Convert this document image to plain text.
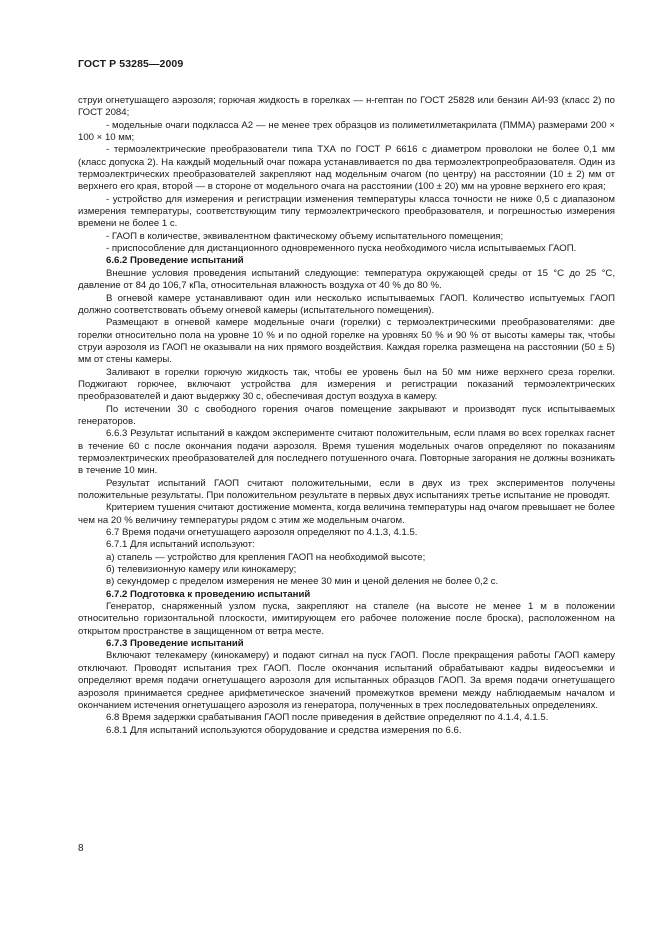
ГОСТ Р 53285—2009

струи огнетушащего аэрозоля; горючая жидкость в горелках — н-гептан по ГОСТ 25828 или бензин АИ-93 (класс 2) по ГОСТ 2084;

- модельные очаги подкласса А2 — не менее трех образцов из полиметилметакрилата (ПММА) размерами 200 × 100 × 10 мм;

- термоэлектрические преобразователи типа ТХА по ГОСТ Р 6616 с диаметром проволоки не более 0,1 мм (класс допуска 2). На каждый модельный очаг пожара устанавливается по два термоэлектропреобразователя. Один из термоэлектрических преобразователей закрепляют над модельным очагом (по центру) на расстоянии (10 ± 2) мм от верхнего его края, второй — в стороне от модельного очага на расстоянии (100 ± 20) мм на уровне верхнего его края;

- устройство для измерения и регистрации изменения температуры класса точности не ниже 0,5 с диапазоном измерения температуры, соответствующим типу термоэлектрического преобразователя, и погрешностью измерения времени не более 1 с.

- ГАОП в количестве, эквивалентном фактическому объему испытательного помещения;

- приспособление для дистанционного одновременного пуска необходимого числа испытываемых ГАОП.

6.6.2 Проведение испытаний

Внешние условия проведения испытаний следующие: температура окружающей среды от 15 °С до 25 °С, давление от 84 до 106,7 кПа, относительная влажность воздуха от 40 % до 80 %.

В огневой камере устанавливают один или несколько испытываемых ГАОП. Количество испытуемых ГАОП должно соответствовать объему огневой камеры (испытательного помещения).

Размещают в огневой камере модельные очаги (горелки) с термоэлектрическими преобразователями: две горелки относительно пола на уровне 10 % и по одной горелке на уровнях 50 % и 90 % от высоты камеры так, чтобы струи аэрозоля из ГАОП не оказывали на них прямого воздействия. Каждая горелка размещена на расстоянии (50 ± 5) мм от стены камеры.

Заливают в горелки горючую жидкость так, чтобы ее уровень был на 50 мм ниже верхнего среза горелки. Поджигают горючее, включают устройства для измерения и регистрации показаний термоэлектрических преобразователей и дают выдержку 30 с, обеспечивая доступ воздуха в камеру.

По истечении 30 с свободного горения очагов помещение закрывают и производят пуск испытываемых генераторов.

6.6.3 Результат испытаний в каждом эксперименте считают положительным, если пламя во всех горелках гаснет в течение 60 с после окончания подачи аэрозоля. Время тушения модельных очагов определяют по показаниям термоэлектрических преобразователей для последнего потушенного очага. Повторные загорания не должны возникать в течение 10 мин.

Результат испытаний ГАОП считают положительными, если в двух из трех экспериментов получены положительные результаты. При положительном результате в первых двух испытаниях третье испытание не проводят.

Критерием тушения считают достижение момента, когда величина температуры над очагом превышает не более чем на 20 % величину температуры рядом с этим же модельным очагом.

6.7 Время подачи огнетушащего аэрозоля определяют по 4.1.3, 4.1.5.

6.7.1 Для испытаний используют:

а) стапель — устройство для крепления ГАОП на необходимой высоте;

б) телевизионную камеру или кинокамеру;

в) секундомер с пределом измерения не менее 30 мин и ценой деления не более 0,2 с.

6.7.2 Подготовка к проведению испытаний

Генератор, снаряженный узлом пуска, закрепляют на стапеле (на высоте не менее 1 м в положении относительно горизонтальной плоскости, имитирующем его рабочее положение после броска), расположенном на открытом пространстве в защищенном от ветра месте.

6.7.3 Проведение испытаний

Включают телекамеру (кинокамеру) и подают сигнал на пуск ГАОП. После прекращения работы ГАОП камеру отключают. Проводят испытания трех ГАОП. После окончания испытаний обрабатывают кадры видеосъемки и определяют время подачи огнетушащего аэрозоля для испытанных образцов ГАОП. За время подачи огнетушащего аэрозоля принимается среднее арифметическое значений промежутков времени между наблюдаемым началом и окончанием истечения огнетушащего аэрозоля из генератора, полученных в трех последовательных определениях.

6.8 Время задержки срабатывания ГАОП после приведения в действие определяют по 4.1.4, 4.1.5.

6.8.1 Для испытаний используются оборудование и средства измерения по 6.6.

8
